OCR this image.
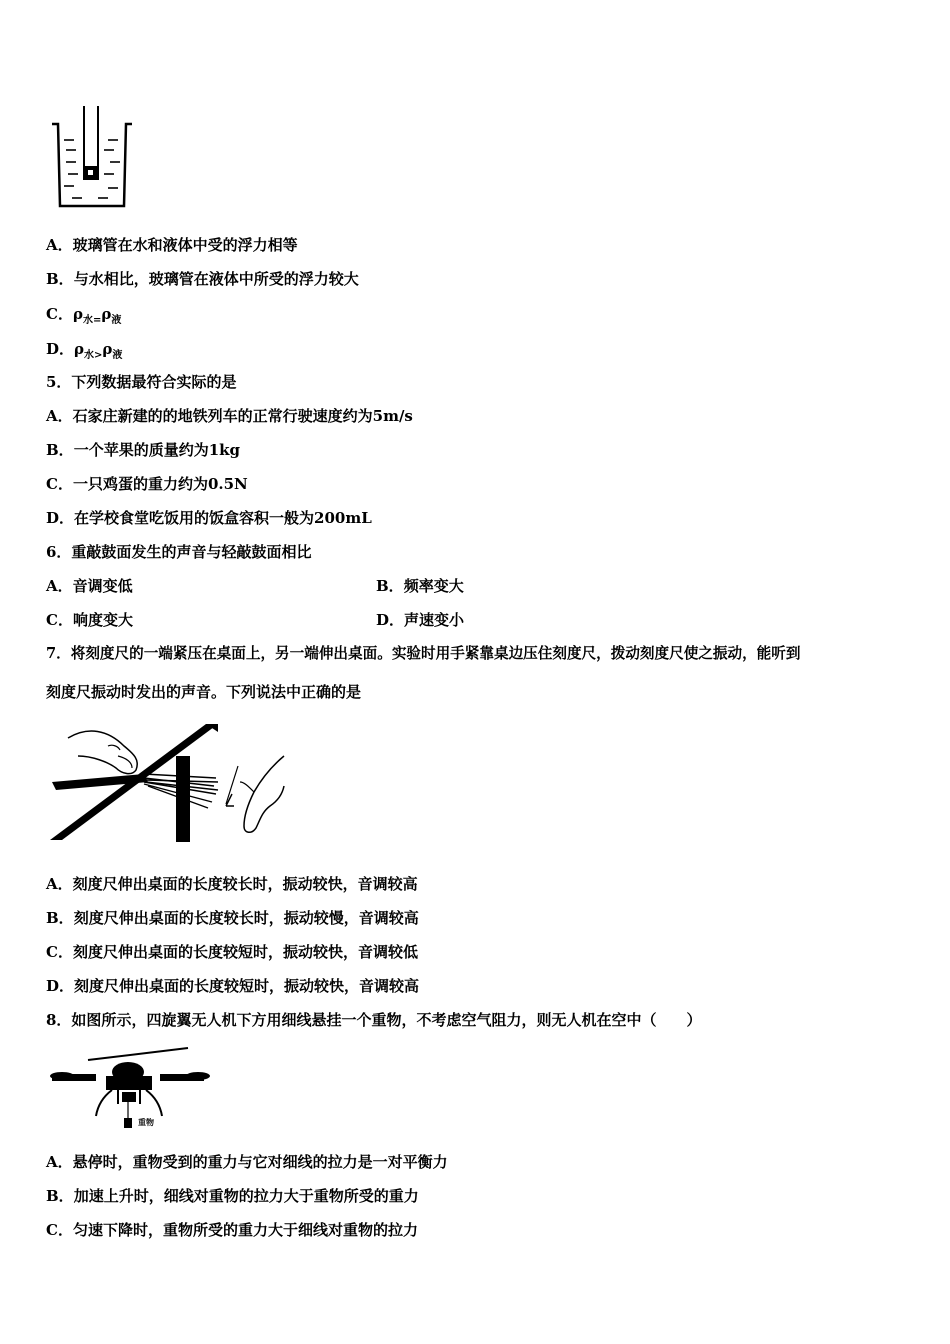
A．玻璃管在水和液体中受的浮力相等
B．与水相比，玻璃管在液体中所受的浮力较大
C．$\rho_{水=}\rho_液$
D．$\rho_{水>}\rho_液$
5．下列数据最符合实际的是
A．石家庄新建的的地铁列车的正常行驶速度约为5m/s
B．一个苹果的质量约为1kg
C．一只鸡蛋的重力约为0.5N
D．在学校食堂吃饭用的饭盒容积一般为200mL
6．重敲鼓面发生的声音与轻敲鼓面相比
A．音调变低	B．频率变大
C．响度变大	D．声速变小
7．将刻度尺的一端紧压在桌面上，另一端伸出桌面。实验时用手紧靠桌边压住刻度尺，拨动刻度尺使之振动，能听到
刻度尺振动时发出的声音。下列说法中正确的是
A．刻度尺伸出桌面的长度较长时，振动较快，音调较高
B．刻度尺伸出桌面的长度较长时，振动较慢，音调较高
C．刻度尺伸出桌面的长度较短时，振动较快，音调较低
D．刻度尺伸出桌面的长度较短时，振动较快，音调较高
8．如图所示，四旋翼无人机下方用细线悬挂一个重物，不考虑空气阻力，则无人机在空中（　　）
重物
A．悬停时，重物受到的重力与它对细线的拉力是一对平衡力
B．加速上升时，细线对重物的拉力大于重物所受的重力
C．匀速下降时，重物所受的重力大于细线对重物的拉力
